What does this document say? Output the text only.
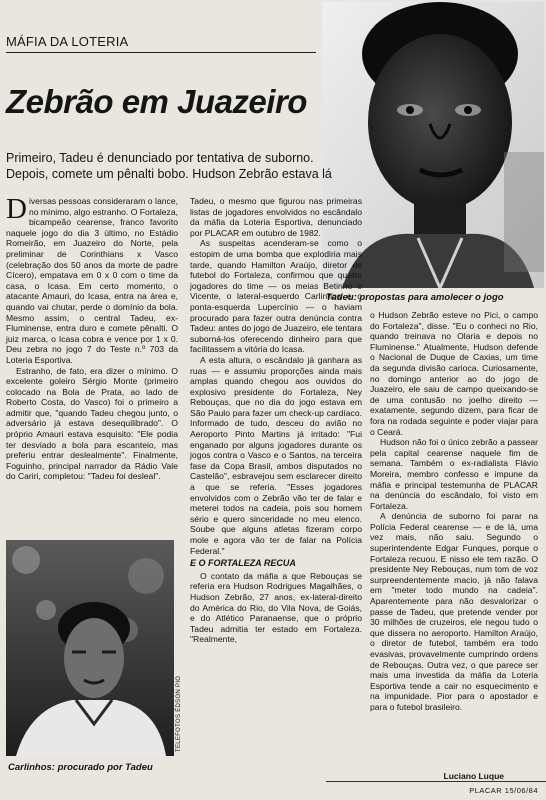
MÁFIA DA LOTERIA
Tadeu: propostas para amolecer o jogo
Zebrão em Juazeiro
Primeiro, Tadeu é denunciado por tentativa de suborno. Depois, comete um pênalti bobo. Hudson Zebrão estava lá

Diversas pessoas consideraram o lance, no mínimo, algo estranho. O Fortaleza, bicampeão cearense, franco favorito naquele jogo do dia 3 último, no Estádio Romeirão, em Juazeiro do Norte, pela preliminar de Corinthians x Vasco (celebração dos 50 anos da morte de padre Cícero), empatava em 0 x 0 com o time da casa, o Icasa. Em certo momento, o atacante Amauri, do Icasa, entra na área e, quando vai chutar, perde o domínio da bola. Mesmo assim, o central Tadeu, ex-Fluminense, entra duro e comete pênalti. O juiz marca, o Icasa cobra e vence por 1 x 0. Deu zebra no jogo 7 do Teste n.º 703 da Loteria Esportiva.

Estranho, de fato, era dizer o mínimo. O excelente goleiro Sérgio Monte (primeiro colocado na Bola de Prata, ao lado de Roberto Costa, do Vasco) foi o primeiro a admitir que, "quando Tadeu chegou junto, o adversário já estava desequilibrado". O próprio Amauri estava esquisito: "Ele podia ter desviado a bola para escanteio, mas preferiu entrar deslealmente". Finalmente, Foguinho, principal narrador da Rádio Vale do Cariri, completou: "Tadeu foi desleal".

TELEFOTOS ÉDSON PIO
Carlinhos: procurado por Tadeu

Tadeu, o mesmo que figurou nas primeiras listas de jogadores envolvidos no escândalo da máfia da Loteria Esportiva, denunciado por PLACAR em outubro de 1982.

As suspeitas acenderam-se como o estopim de uma bomba que explodiria mais tarde, quando Hamilton Araújo, diretor de futebol do Fortaleza, confirmou que quatro jogadores do time — os meias Betinho e Vicente, o lateral-esquerdo Carlinhos e o ponta-esquerda Lupercínio — o haviam procurado para fazer outra denúncia contra Tadeu: antes do jogo de Juazeiro, ele tentara suborná-los oferecendo dinheiro para que facilitassem a vitória do Icasa.

A esta altura, o escândalo já ganhara as ruas — e assumiu proporções ainda mais amplas quando chegou aos ouvidos do explosivo presidente do Fortaleza, Ney Rebouças, que no dia do jogo estava em São Paulo para fazer um check-up cardíaco. Informado de tudo, desceu do avião no Aeroporto Pinto Martins já irritado: "Fui enganado por alguns jogadores durante os jogos contra o Vasco e o Santos, na terceira fase da Copa Brasil, ambos disputados no Castelão", esbravejou sem esclarecer direito a que se referia. "Esses jogadores envolvidos com o Zebrão vão ter de falar e meterei todos na cadeia, pois sou homem sério e quero sinceridade no meu elenco. Soube que alguns atletas fizeram corpo mole e agora vão ter de falar na Polícia Federal."

E O FORTALEZA RECUA

O contato da máfia a que Rebouças se referia era Hudson Rodrigues Magalhães, o Hudson Zebrão, 27 anos, ex-lateral-direito do América do Rio, do Vila Nova, de Goiás, e do Atlético Paranaense, que o próprio Tadeu admitia ter estado em Fortaleza. "Realmente,

o Hudson Zebrão esteve no Pici, o campo do Fortaleza", disse. "Eu o conheci no Rio, quando treinava no Olaria e depois no Fluminense." Atualmente, Hudson defende o Nacional de Duque de Caxias, um time da segunda divisão carioca. Curiosamente, no domingo anterior ao do jogo de Juazeiro, ele saiu de campo queixando-se de uma contusão no joelho direito — exatamente, segundo dizem, para ficar de fora na rodada seguinte e poder viajar para o Ceará.

Hudson não foi o único zebrão a passear pela capital cearense naquele fim de semana. Também o ex-radialista Flávio Moreira, membro confesso e impune da máfia e principal testemunha de PLACAR na denúncia do escândalo, foi visto em Fortaleza.

A denúncia de suborno foi parar na Polícia Federal cearense — e de lá, uma vez mais, não saiu. Segundo o superintendente Edgar Funques, porque o Fortaleza recuou. E nisso ele tem razão. O presidente Ney Rebouças, num tom de voz surpreendentemente macio, já não falava em "meter todo mundo na cadeia". Aparentemente para não desvalorizar o passe de Tadeu, que pretende vender por 30 milhões de cruzeiros, ele negou tudo o que dissera no aeroporto. Hamilton Araújo, o diretor de futebol, também era todo evasivas, provavelmente cumprindo ordens de Rebouças. Outra vez, o que parece ser mais uma investida da máfia da Loteria Esportiva tende a cair no esquecimento e na impunidade. Pior para o apostador e para o futebol brasileiro.

Luciano Luque
PLACAR 15/06/84
